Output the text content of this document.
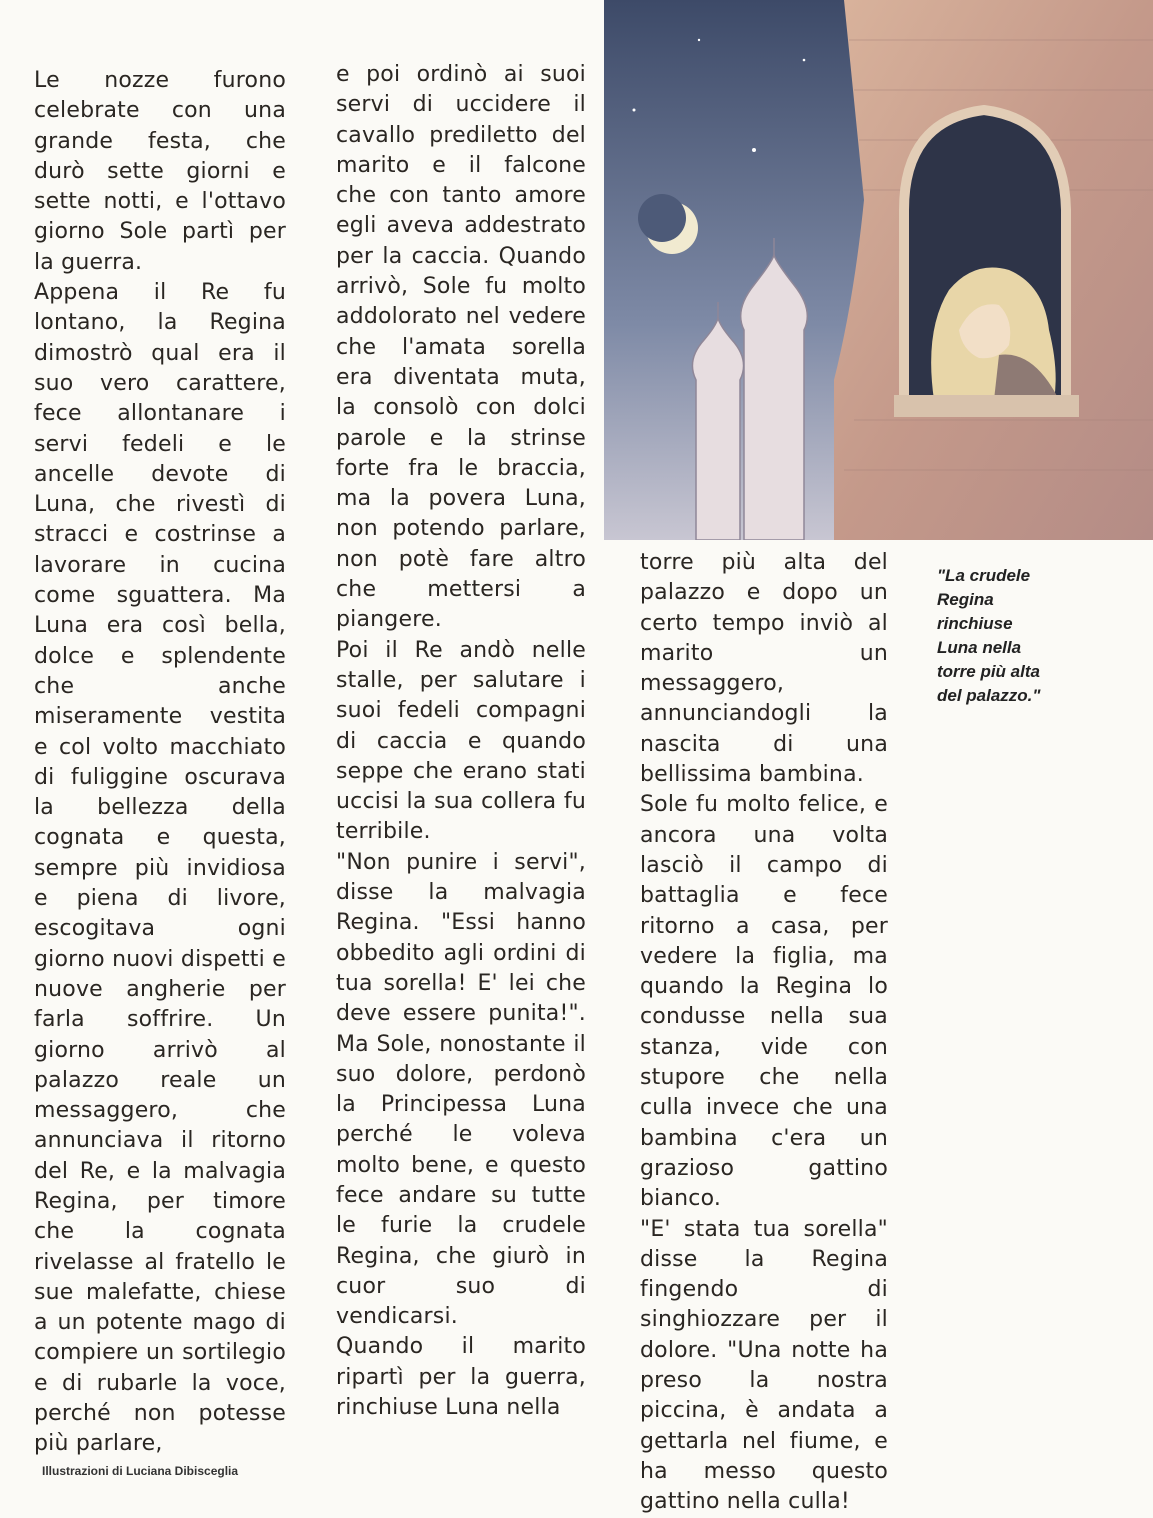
Le nozze furono celebrate con una grande festa, che durò sette giorni e sette notti, e l'ottavo giorno Sole partì per la guerra.

Appena il Re fu lontano, la Regina dimostrò qual era il suo vero carattere, fece allontanare i servi fedeli e le ancelle devote di Luna, che rivestì di stracci e costrinse a lavorare in cucina come sguattera. Ma Luna era così bella, dolce e splendente che anche miseramente vestita e col volto macchiato di fuliggine oscurava la bellezza della cognata e questa, sempre più invidiosa e piena di livore, escogitava ogni giorno nuovi dispetti e nuove angherie per farla soffrire. Un giorno arrivò al palazzo reale un messaggero, che annunciava il ritorno del Re, e la malvagia Regina, per timore che la cognata rivelasse al fratello le sue malefatte, chiese a un potente mago di compiere un sortilegio e di rubarle la voce, perché non potesse più parlare,

e poi ordinò ai suoi servi di uccidere il cavallo prediletto del marito e il falcone che con tanto amore egli aveva addestrato per la caccia. Quando arrivò, Sole fu molto addolorato nel vedere che l'amata sorella era diventata muta, la consolò con dolci parole e la strinse forte fra le braccia, ma la povera Luna, non potendo parlare, non potè fare altro che mettersi a piangere.

Poi il Re andò nelle stalle, per salutare i suoi fedeli compagni di caccia e quando seppe che erano stati uccisi la sua collera fu terribile.

"Non punire i servi", disse la malvagia Regina. "Essi hanno obbedito agli ordini di tua sorella! E' lei che deve essere punita!". Ma Sole, nonostante il suo dolore, perdonò la Principessa Luna perché le voleva molto bene, e questo fece andare su tutte le furie la crudele Regina, che giurò in cuor suo di vendicarsi.

Quando il marito ripartì per la guerra, rinchiuse Luna nella

"La crudele
Regina
rinchiuse
Luna nella
torre più alta
del palazzo."

torre più alta del palazzo e dopo un certo tempo inviò al marito un messaggero, annunciandogli la nascita di una bellissima bambina.

Sole fu molto felice, e ancora una volta lasciò il campo di battaglia e fece ritorno a casa, per vedere la figlia, ma quando la Regina lo condusse nella sua stanza, vide con stupore che nella culla invece che una bambina c'era un grazioso gattino bianco.

"E' stata tua sorella" disse la Regina fingendo di singhiozzare per il dolore. "Una notte ha preso la nostra piccina, è andata a gettarla nel fiume, e ha messo questo gattino nella culla!

Illustrazioni di Luciana Dibisceglia
